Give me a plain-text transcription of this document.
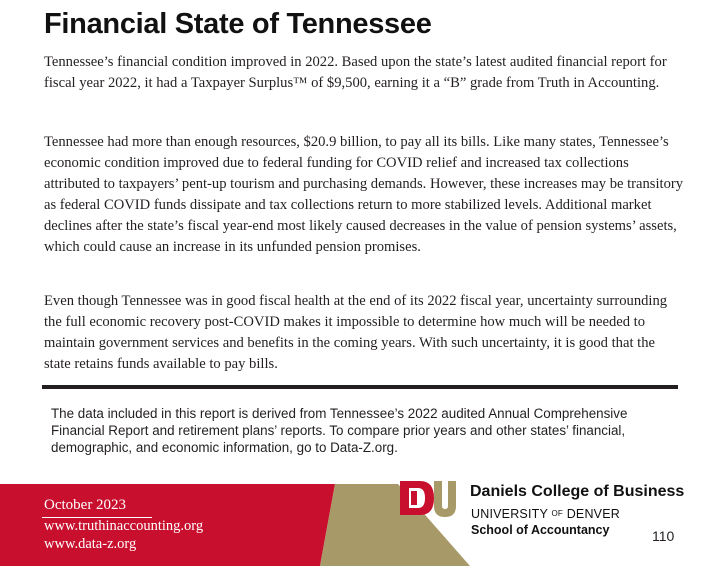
Financial State of Tennessee

Tennessee’s financial condition improved in 2022. Based upon the state’s latest audited financial report for fiscal year 2022, it had a Taxpayer Surplus™ of $9,500, earning it a “B” grade from Truth in Accounting.

Tennessee had more than enough resources, $20.9 billion, to pay all its bills. Like many states, Tennessee’s economic condition improved due to federal funding for COVID relief and increased tax collections attributed to taxpayers’ pent-up tourism and purchasing demands. However, these increases may be transitory as federal COVID funds dissipate and tax collections return to more stabilized levels. Additional market declines after the state’s fiscal year-end most likely caused decreases in the value of pension systems’ assets, which could cause an increase in its unfunded pension promises.

Even though Tennessee was in good fiscal health at the end of its 2022 fiscal year, uncertainty surrounding the full economic recovery post-COVID makes it impossible to determine how much will be needed to maintain government services and benefits in the coming years. With such uncertainty, it is good that the state retains funds available to pay bills.

The data included in this report is derived from Tennessee’s 2022 audited Annual Comprehensive Financial Report and retirement plans’ reports. To compare prior years and other states’ financial, demographic, and economic information, go to Data-Z.org.

October 2023
www.truthinaccounting.org
www.data-z.org
Daniels College of Business
UNIVERSITY OF DENVER
School of Accountancy	110
